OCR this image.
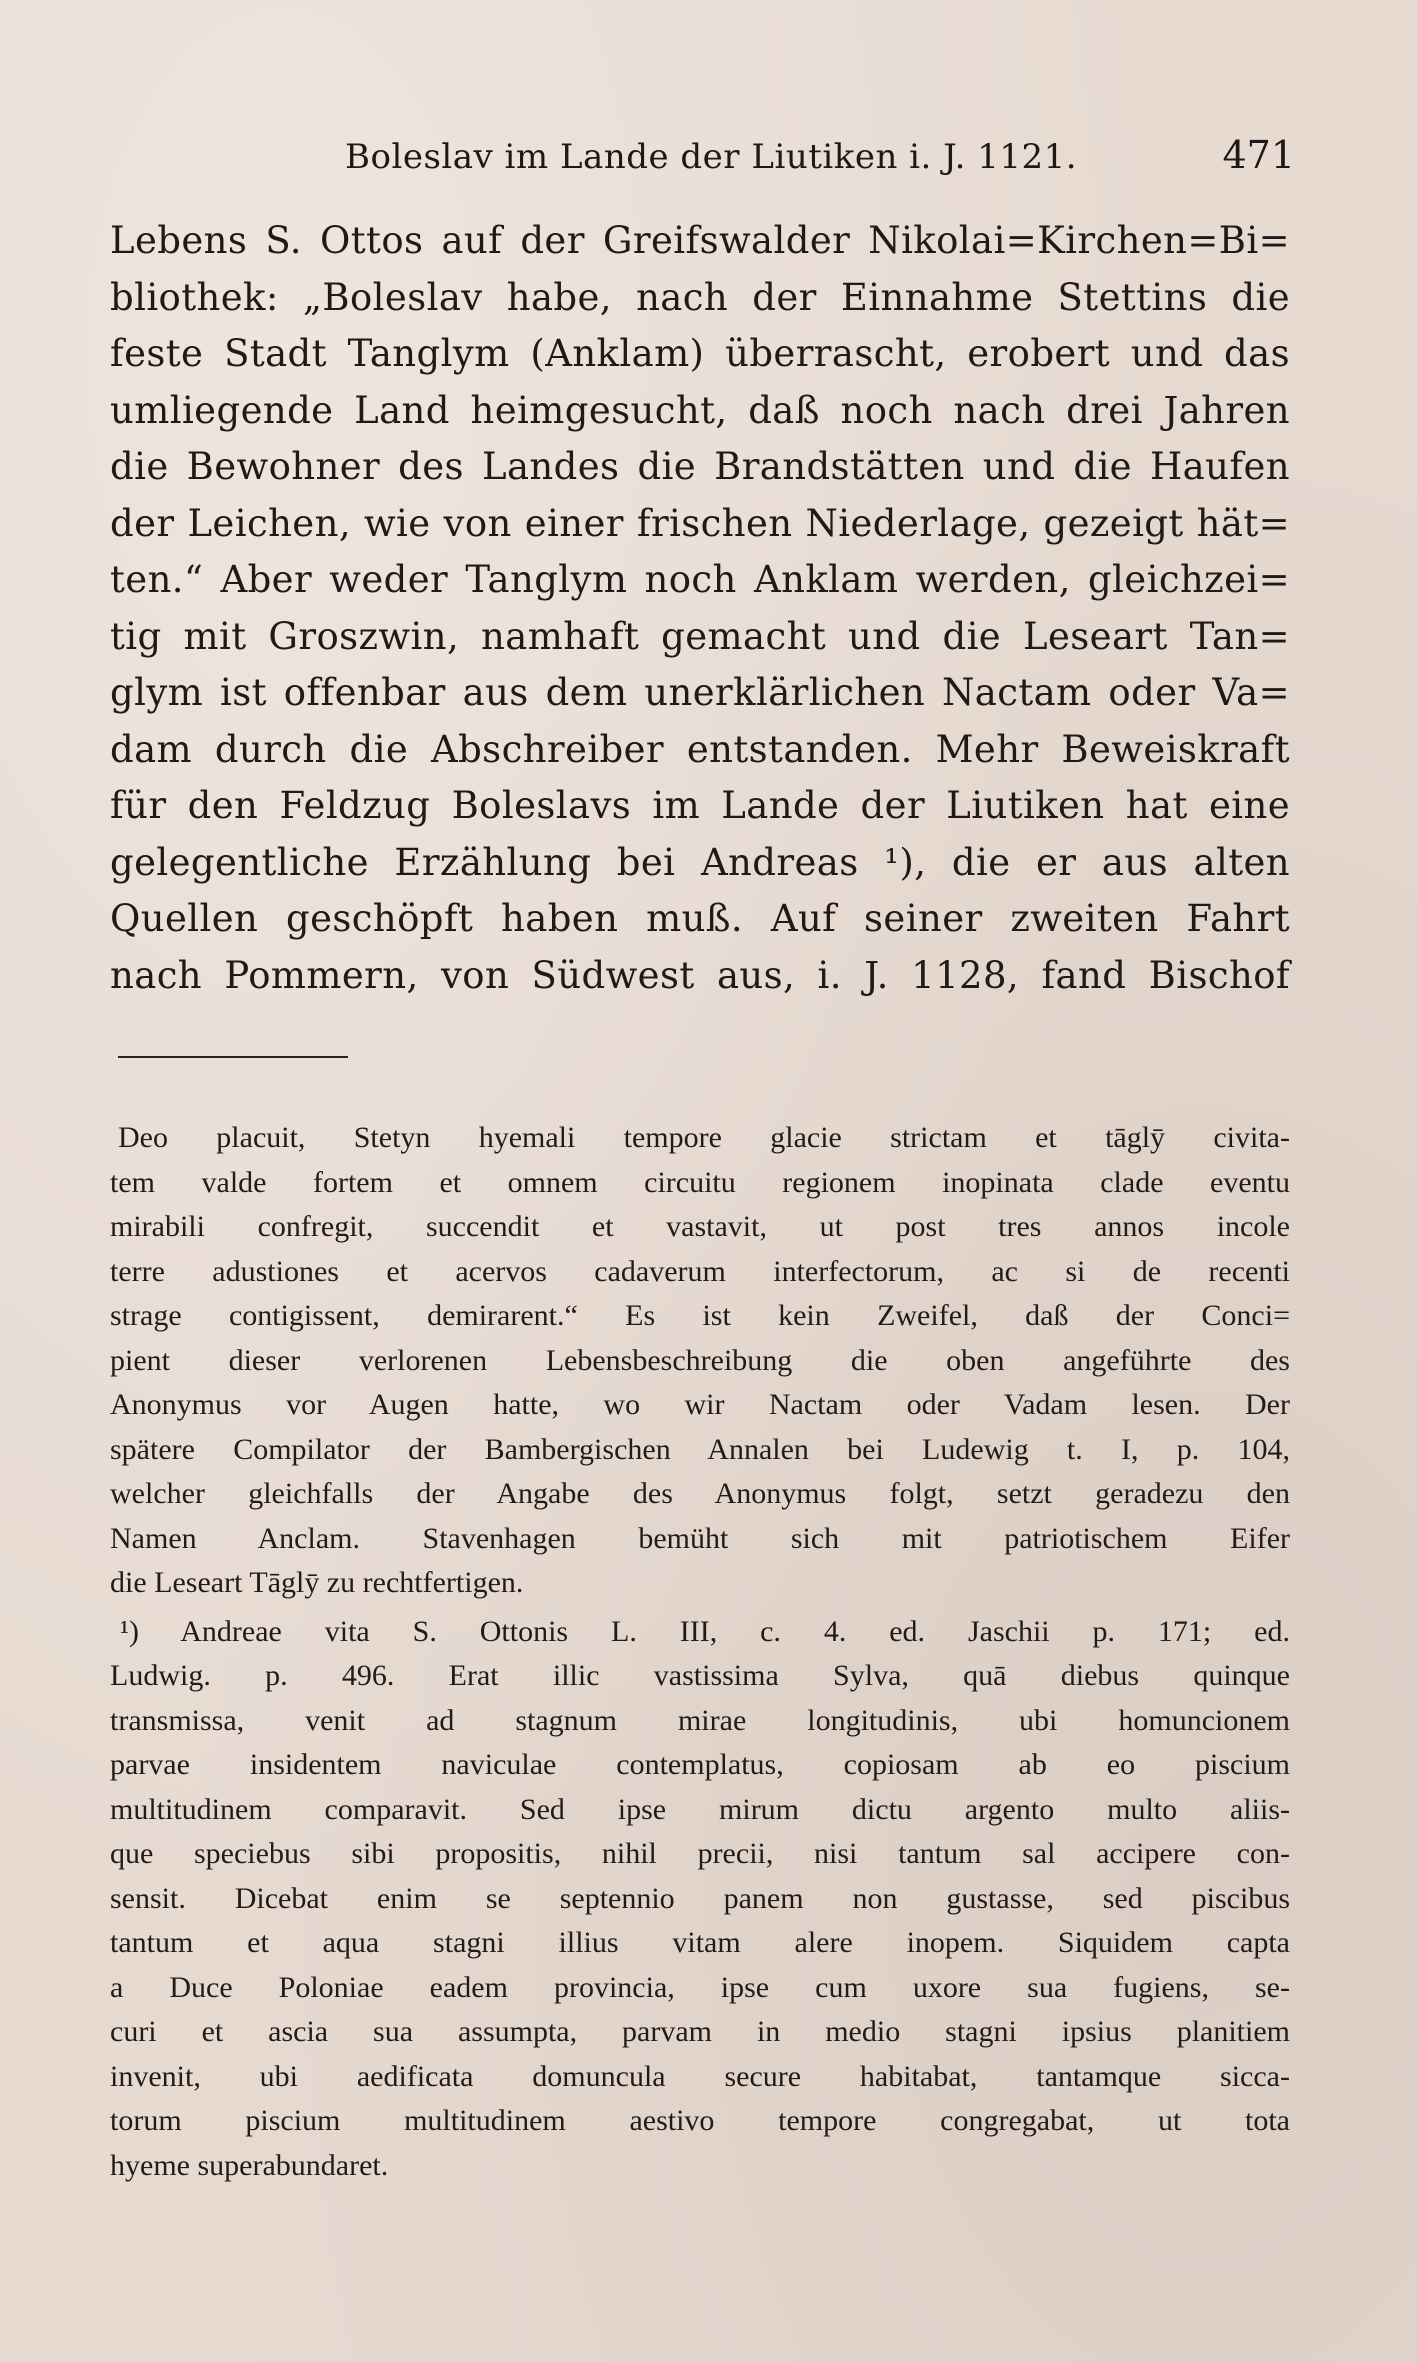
Boleslav im Lande der Liutiken i. J. 1121.	471
Lebens S. Ottos auf der Greifswalder Nikolai=Kirchen=Bi=
bliothek: „Boleslav habe, nach der Einnahme Stettins die
feste Stadt Tanglym (Anklam) überrascht, erobert und das
umliegende Land heimgesucht, daß noch nach drei Jahren
die Bewohner des Landes die Brandstätten und die Haufen
der Leichen, wie von einer frischen Niederlage, gezeigt hät=
ten.“ Aber weder Tanglym noch Anklam werden, gleichzei=
tig mit Groszwin, namhaft gemacht und die Leseart Tan=
glym ist offenbar aus dem unerklärlichen Nactam oder Va=
dam durch die Abschreiber entstanden. Mehr Beweiskraft
für den Feldzug Boleslavs im Lande der Liutiken hat eine
gelegentliche Erzählung bei Andreas ¹), die er aus alten
Quellen geschöpft haben muß. Auf seiner zweiten Fahrt
nach Pommern, von Südwest aus, i. J. 1128, fand Bischof
Deo placuit, Stetyn hyemali tempore glacie strictam et tāglȳ civita-
tem valde fortem et omnem circuitu regionem inopinata clade eventu
mirabili confregit, succendit et vastavit, ut post tres annos incole
terre adustiones et acervos cadaverum interfectorum, ac si de recenti
strage contigissent, demirarent.“ Es ist kein Zweifel, daß der Conci=
pient dieser verlorenen Lebensbeschreibung die oben angeführte des
Anonymus vor Augen hatte, wo wir Nactam oder Vadam lesen. Der
spätere Compilator der Bambergischen Annalen bei Ludewig t. I, p. 104,
welcher gleichfalls der Angabe des Anonymus folgt, setzt geradezu den
Namen Anclam. Stavenhagen bemüht sich mit patriotischem Eifer
die Leseart Tāglȳ zu rechtfertigen.
¹) Andreae vita S. Ottonis L. III, c. 4. ed. Jaschii p. 171; ed.
Ludwig. p. 496. Erat illic vastissima Sylva, quā diebus quinque
transmissa, venit ad stagnum mirae longitudinis, ubi homuncionem
parvae insidentem naviculae contemplatus, copiosam ab eo piscium
multitudinem comparavit. Sed ipse mirum dictu argento multo aliis-
que speciebus sibi propositis, nihil precii, nisi tantum sal accipere con-
sensit. Dicebat enim se septennio panem non gustasse, sed piscibus
tantum et aqua stagni illius vitam alere inopem. Siquidem capta
a Duce Poloniae eadem provincia, ipse cum uxore sua fugiens, se-
curi et ascia sua assumpta, parvam in medio stagni ipsius planitiem
invenit, ubi aedificata domuncula secure habitabat, tantamque sicca-
torum piscium multitudinem aestivo tempore congregabat, ut tota
hyeme superabundaret.
